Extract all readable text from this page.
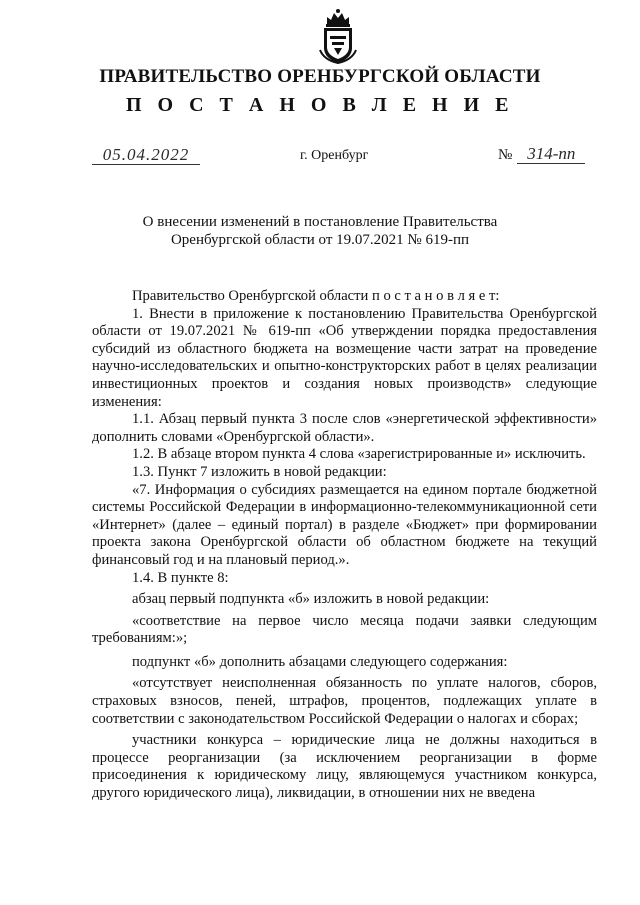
ПРАВИТЕЛЬСТВО ОРЕНБУРГСКОЙ ОБЛАСТИ
П О С Т А Н О В Л Е Н И Е
05.04.2022	г. Оренбург	№ 314-пп
О внесении изменений в постановление Правительства
Оренбургской области от 19.07.2021 № 619-пп

Правительство Оренбургской области п о с т а н о в л я е т:

1. Внести в приложение к постановлению Правительства Оренбургской области от 19.07.2021 № 619-пп «Об утверждении порядка предоставления субсидий из областного бюджета на возмещение части затрат на проведение научно-исследовательских и опытно-конструкторских работ в целях реализации инвестиционных проектов и создания новых производств» следующие изменения:

1.1. Абзац первый пункта 3 после слов «энергетической эффективности» дополнить словами «Оренбургской области».

1.2. В абзаце втором пункта 4 слова «зарегистрированные и» исключить.

1.3. Пункт 7 изложить в новой редакции:

«7. Информация о субсидиях размещается на едином портале бюджетной системы Российской Федерации в информационно-телекоммуникационной сети «Интернет» (далее – единый портал) в разделе «Бюджет» при формировании проекта закона Оренбургской области об областном бюджете на текущий финансовый год и на плановый период.».

1.4. В пункте 8:

абзац первый подпункта «б» изложить в новой редакции:

«соответствие на первое число месяца подачи заявки следующим требованиям:»;

подпункт «б» дополнить абзацами следующего содержания:

«отсутствует неисполненная обязанность по уплате налогов, сборов, страховых взносов, пеней, штрафов, процентов, подлежащих уплате в соответствии с законодательством Российской Федерации о налогах и сборах;

участники конкурса – юридические лица не должны находиться в процессе реорганизации (за исключением реорганизации в форме присоединения к юридическому лицу, являющемуся участником конкурса, другого юридического лица), ликвидации, в отношении них не введена
